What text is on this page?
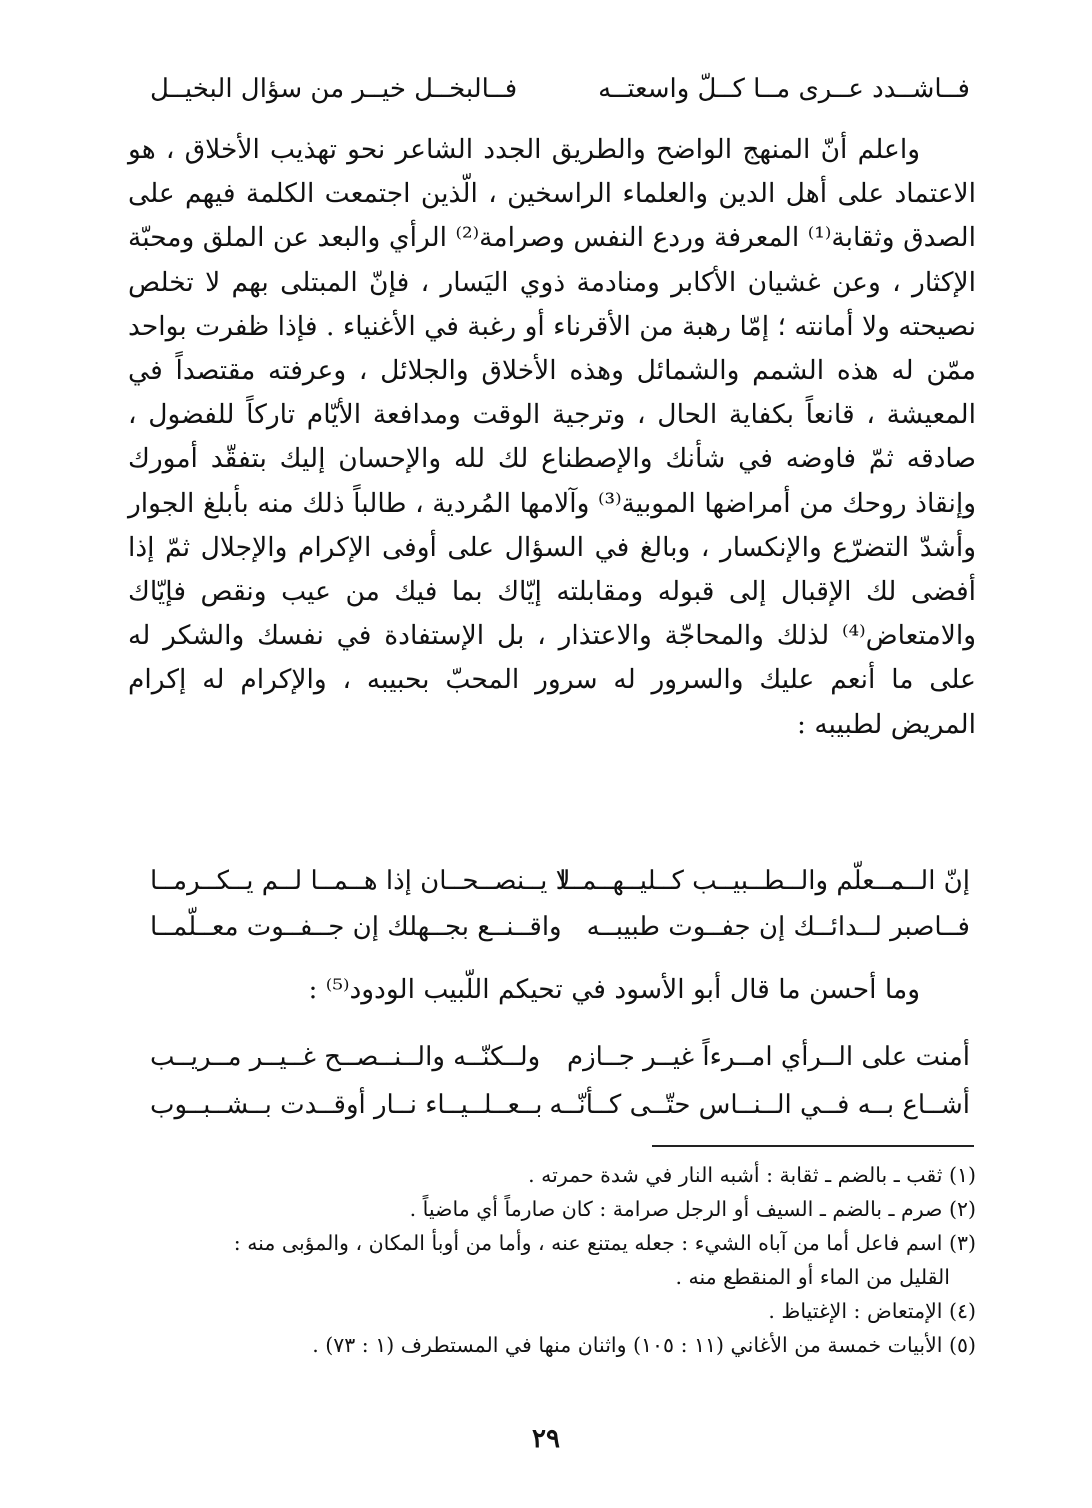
فــاشــدد عــرى مــا كــلّ واسعتــه
فــالبخــل خيــر من سؤال البخيــل

واعلم أنّ المنهج الواضح والطريق الجدد الشاعر نحو تهذيب الأخلاق ، هو الاعتماد على أهل الدين والعلماء الراسخين ، الّذين اجتمعت الكلمة فيهم على الصدق وثقابة⁽¹⁾ المعرفة وردع النفس وصرامة⁽²⁾ الرأي والبعد عن الملق ومحبّة الإكثار ، وعن غشيان الأكابر ومنادمة ذوي اليَسار ، فإنّ المبتلى بهم لا تخلص نصيحته ولا أمانته ؛ إمّا رهبة من الأقرناء أو رغبة في الأغنياء . فإذا ظفرت بواحد ممّن له هذه الشمم والشمائل وهذه الأخلاق والجلائل ، وعرفته مقتصداً في المعيشة ، قانعاً بكفاية الحال ، وترجية الوقت ومدافعة الأيّام تاركاً للفضول ، صادقه ثمّ فاوضه في شأنك والإصطناع لك لله والإحسان إليك بتفقّد أمورك وإنقاذ روحك من أمراضها الموبية⁽³⁾ وآلامها المُردية ، طالباً ذلك منه بأبلغ الجوار وأشدّ التضرّع والإنكسار ، وبالغ في السؤال على أوفى الإكرام والإجلال ثمّ إذا أفضى لك الإقبال إلى قبوله ومقابلته إيّاك بما فيك من عيب ونقص فإيّاك والامتعاض⁽⁴⁾ لذلك والمحاجّة والاعتذار ، بل الإستفادة في نفسك والشكر له على ما أنعم عليك والسرور له سرور المحبّ بحبيبه ، والإكرام له إكرام المريض لطبيبه :

إنّ الــمــعلّم والــطــبيــب كــليــهــمــا
لا يــنصــحــان إذا هــمــا لــم يــكــرمــا
فــاصبر لــدائــك إن جفــوت طبيبــه
واقــنــع بجــهلك إن جــفــوت معــلّمــا
وما أحسن ما قال أبو الأسود في تحيكم اللّبيب الودود⁽⁵⁾ :
أمنت على الــرأي امــرءاً غيــر جــازم
ولــكنّــه والــنــصــح غــيــر مــريــب
أشــاع بــه فــي الــنــاس حتّــى كــأنّــه
بــعــلــيــاء نــار أوقــدت بــشــبــوب

(١) ثقب ـ بالضم ـ ثقابة : أشبه النار في شدة حمرته .

(٢) صرم ـ بالضم ـ السيف أو الرجل صرامة : كان صارماً أي ماضياً .

(٣) اسم فاعل أما من آباه الشيء : جعله يمتنع عنه ، وأما من أوبأ المكان ، والمؤبى منه :

القليل من الماء أو المنقطع منه .

(٤) الإمتعاض : الإغتياظ .

(٥) الأبيات خمسة من الأغاني (١١ : ١٠٥) واثنان منها في المستطرف (١ : ٧٣) .

٢٩
